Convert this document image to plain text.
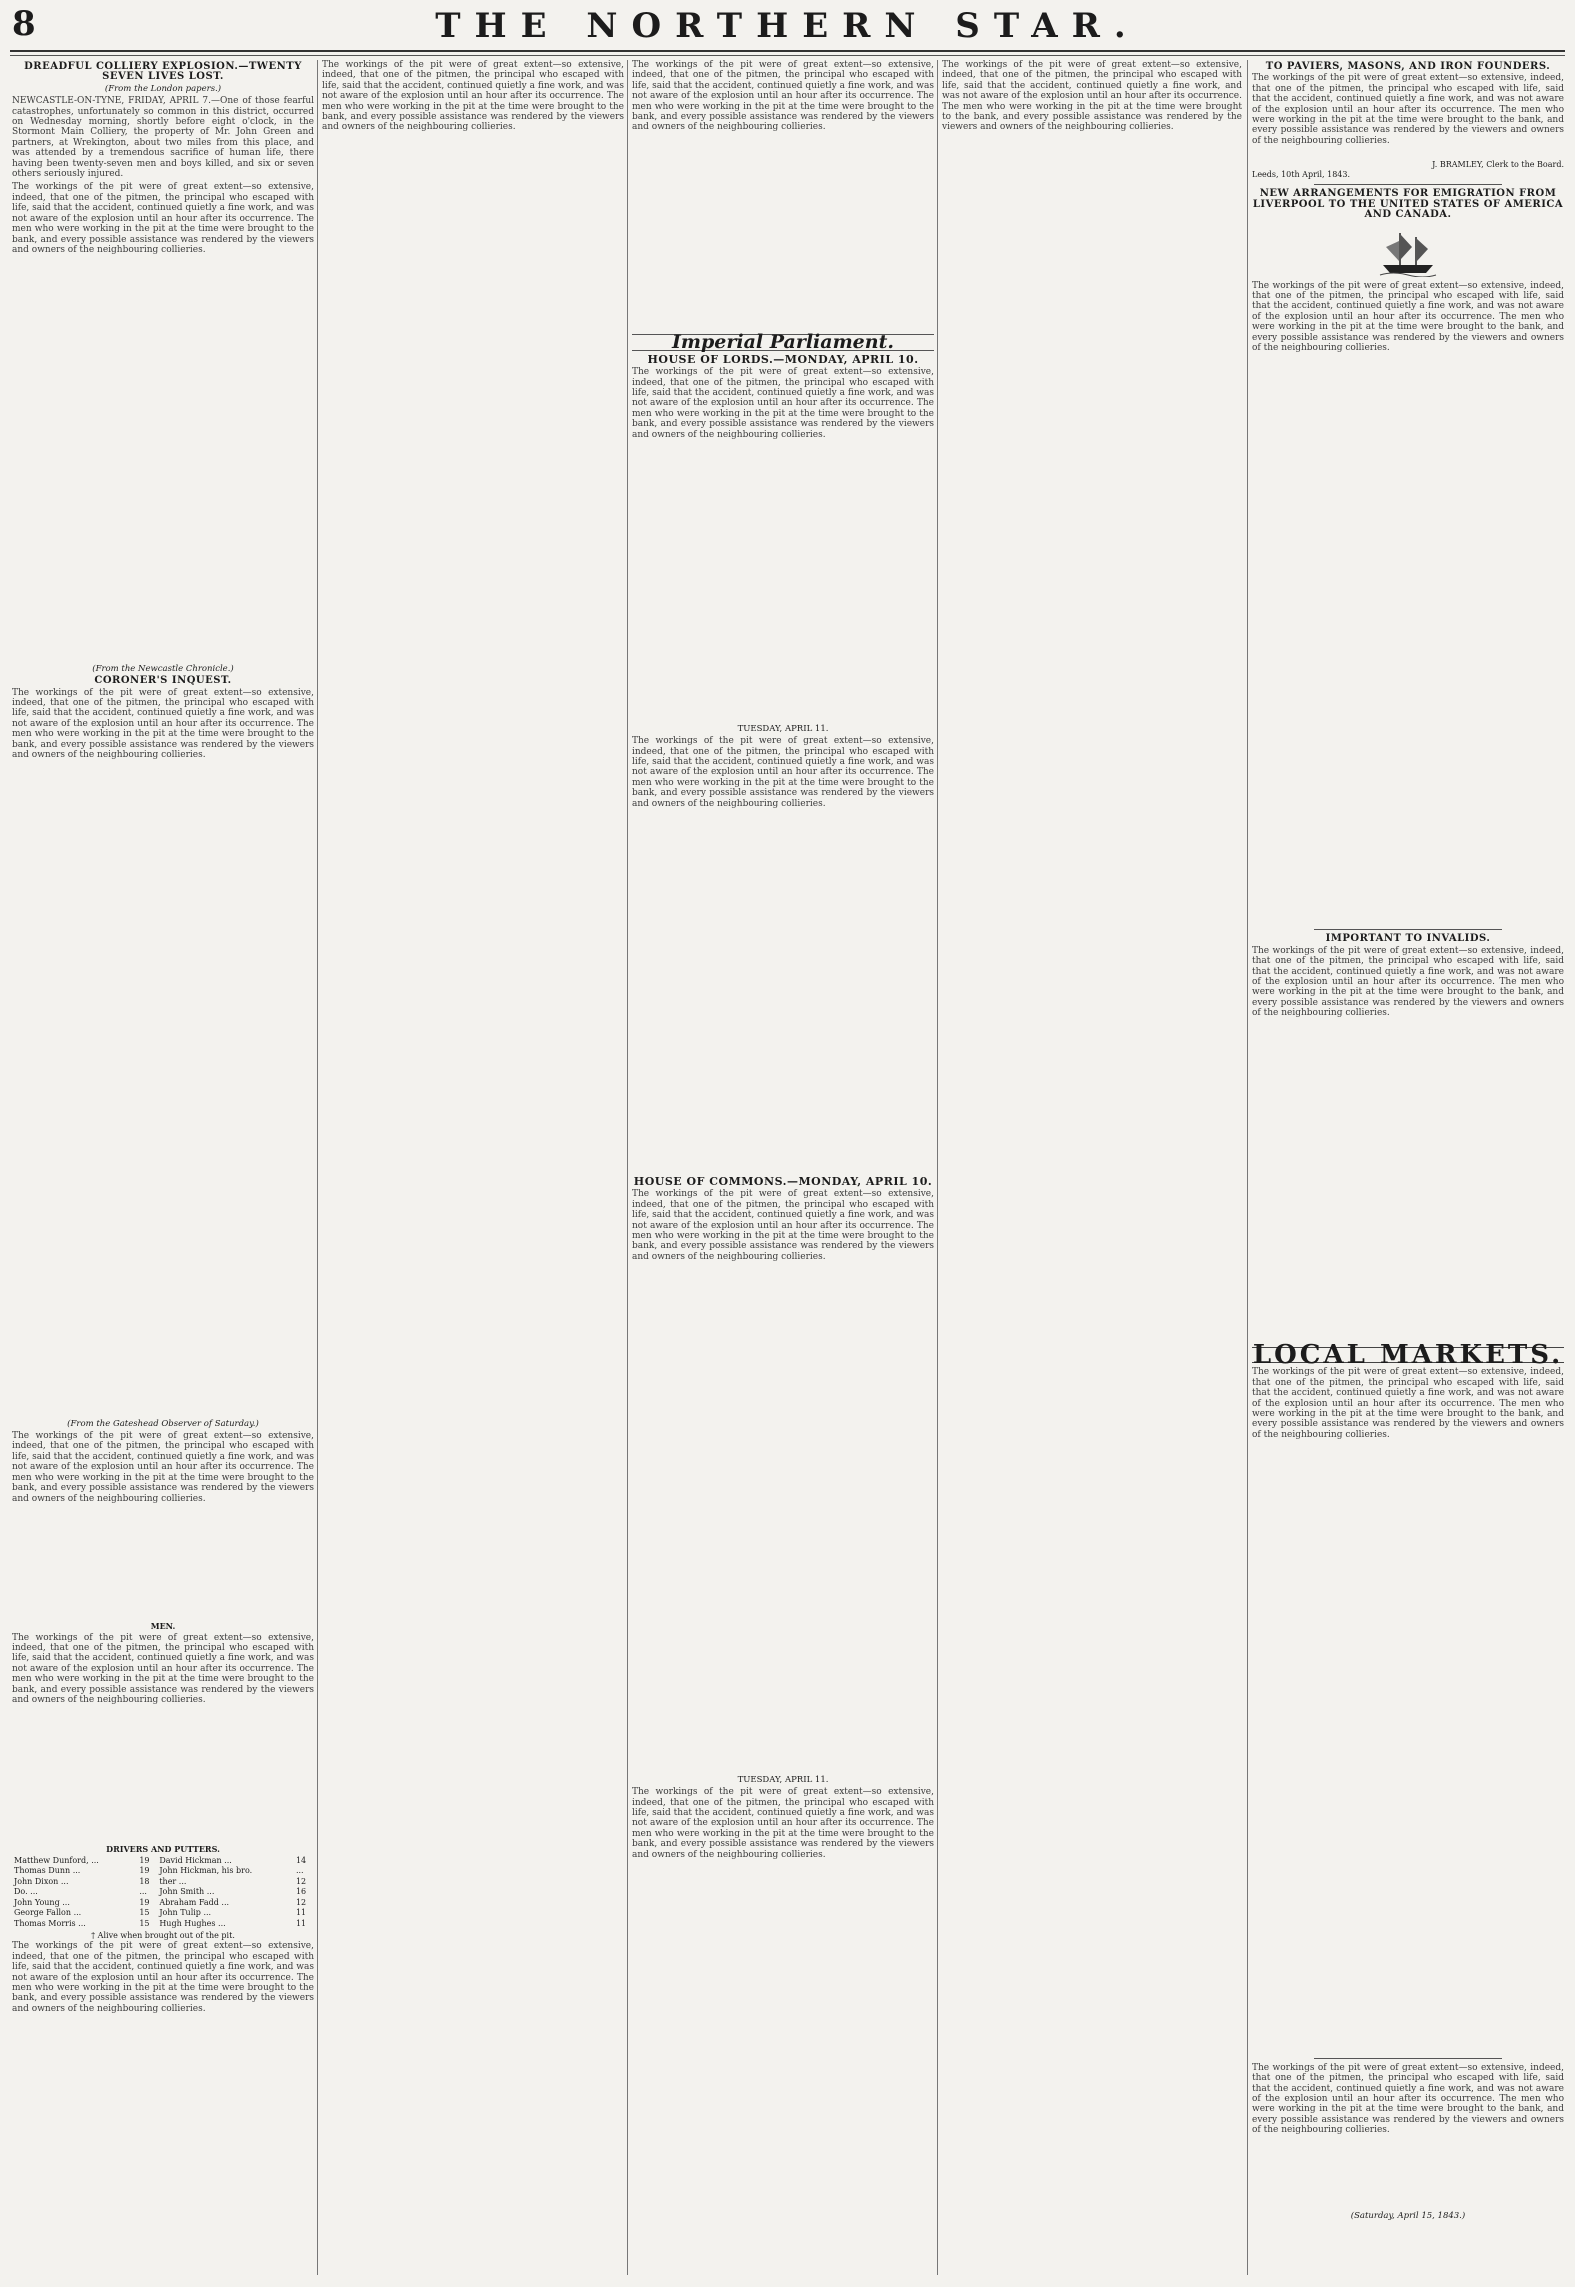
8	THE NORTHERN STAR.
DREADFUL COLLIERY EXPLOSION.—TWENTY SEVEN LIVES LOST.
(From the London papers.)

NEWCASTLE-ON-TYNE, FRIDAY, APRIL 7.—One of those fearful catastrophes, unfortunately so common in this district, occurred on Wednesday morning, shortly before eight o'clock, in the Stormont Main Colliery, the property of Mr. John Green and partners, at Wrekington, about two miles from this place, and was attended by a tremendous sacrifice of human life, there having been twenty-seven men and boys killed, and six or seven others seriously injured.

The workings of the pit were of great extent—so extensive, indeed, that one of the pitmen, the principal who escaped with life, said that the accident, continued quietly a fine work, and was not aware of the explosion until an hour after its occurrence. The men who were working in the pit at the time were brought to the bank, and every possible assistance was rendered by the viewers and owners of the neighbouring collieries.

(From the Newcastle Chronicle.)
CORONER'S INQUEST.

The workings of the pit were of great extent—so extensive, indeed, that one of the pitmen, the principal who escaped with life, said that the accident, continued quietly a fine work, and was not aware of the explosion until an hour after its occurrence. The men who were working in the pit at the time were brought to the bank, and every possible assistance was rendered by the viewers and owners of the neighbouring collieries.

(From the Gateshead Observer of Saturday.)

The workings of the pit were of great extent—so extensive, indeed, that one of the pitmen, the principal who escaped with life, said that the accident, continued quietly a fine work, and was not aware of the explosion until an hour after its occurrence. The men who were working in the pit at the time were brought to the bank, and every possible assistance was rendered by the viewers and owners of the neighbouring collieries.

MEN.

The workings of the pit were of great extent—so extensive, indeed, that one of the pitmen, the principal who escaped with life, said that the accident, continued quietly a fine work, and was not aware of the explosion until an hour after its occurrence. The men who were working in the pit at the time were brought to the bank, and every possible assistance was rendered by the viewers and owners of the neighbouring collieries.

DRIVERS AND PUTTERS.
Matthew Dunford, ...	19	David Hickman ...	14
Thomas Dunn ...	19	John Hickman, his bro.	...
John Dixon ...	18	ther ...	12
Do. ...	...	John Smith ...	16
John Young ...	19	Abraham Fadd ...	12
George Fallon ...	15	John Tulip ...	11
Thomas Morris ...	15	Hugh Hughes ...	11
† Alive when brought out of the pit.

The workings of the pit were of great extent—so extensive, indeed, that one of the pitmen, the principal who escaped with life, said that the accident, continued quietly a fine work, and was not aware of the explosion until an hour after its occurrence. The men who were working in the pit at the time were brought to the bank, and every possible assistance was rendered by the viewers and owners of the neighbouring collieries.

The workings of the pit were of great extent—so extensive, indeed, that one of the pitmen, the principal who escaped with life, said that the accident, continued quietly a fine work, and was not aware of the explosion until an hour after its occurrence. The men who were working in the pit at the time were brought to the bank, and every possible assistance was rendered by the viewers and owners of the neighbouring collieries.

The workings of the pit were of great extent—so extensive, indeed, that one of the pitmen, the principal who escaped with life, said that the accident, continued quietly a fine work, and was not aware of the explosion until an hour after its occurrence. The men who were working in the pit at the time were brought to the bank, and every possible assistance was rendered by the viewers and owners of the neighbouring collieries.

Imperial Parliament.
HOUSE OF LORDS.—MONDAY, APRIL 10.

The workings of the pit were of great extent—so extensive, indeed, that one of the pitmen, the principal who escaped with life, said that the accident, continued quietly a fine work, and was not aware of the explosion until an hour after its occurrence. The men who were working in the pit at the time were brought to the bank, and every possible assistance was rendered by the viewers and owners of the neighbouring collieries.

TUESDAY, APRIL 11.

The workings of the pit were of great extent—so extensive, indeed, that one of the pitmen, the principal who escaped with life, said that the accident, continued quietly a fine work, and was not aware of the explosion until an hour after its occurrence. The men who were working in the pit at the time were brought to the bank, and every possible assistance was rendered by the viewers and owners of the neighbouring collieries.

HOUSE OF COMMONS.—MONDAY, APRIL 10.

The workings of the pit were of great extent—so extensive, indeed, that one of the pitmen, the principal who escaped with life, said that the accident, continued quietly a fine work, and was not aware of the explosion until an hour after its occurrence. The men who were working in the pit at the time were brought to the bank, and every possible assistance was rendered by the viewers and owners of the neighbouring collieries.

TUESDAY, APRIL 11.

The workings of the pit were of great extent—so extensive, indeed, that one of the pitmen, the principal who escaped with life, said that the accident, continued quietly a fine work, and was not aware of the explosion until an hour after its occurrence. The men who were working in the pit at the time were brought to the bank, and every possible assistance was rendered by the viewers and owners of the neighbouring collieries.

The workings of the pit were of great extent—so extensive, indeed, that one of the pitmen, the principal who escaped with life, said that the accident, continued quietly a fine work, and was not aware of the explosion until an hour after its occurrence. The men who were working in the pit at the time were brought to the bank, and every possible assistance was rendered by the viewers and owners of the neighbouring collieries.

TO PAVIERS, MASONS, AND IRON FOUNDERS.

The workings of the pit were of great extent—so extensive, indeed, that one of the pitmen, the principal who escaped with life, said that the accident, continued quietly a fine work, and was not aware of the explosion until an hour after its occurrence. The men who were working in the pit at the time were brought to the bank, and every possible assistance was rendered by the viewers and owners of the neighbouring collieries.

J. BRAMLEY, Clerk to the Board.
Leeds, 10th April, 1843.
NEW ARRANGEMENTS FOR EMIGRATION FROM LIVERPOOL TO THE UNITED STATES OF AMERICA AND CANADA.

The workings of the pit were of great extent—so extensive, indeed, that one of the pitmen, the principal who escaped with life, said that the accident, continued quietly a fine work, and was not aware of the explosion until an hour after its occurrence. The men who were working in the pit at the time were brought to the bank, and every possible assistance was rendered by the viewers and owners of the neighbouring collieries.

IMPORTANT TO INVALIDS.

The workings of the pit were of great extent—so extensive, indeed, that one of the pitmen, the principal who escaped with life, said that the accident, continued quietly a fine work, and was not aware of the explosion until an hour after its occurrence. The men who were working in the pit at the time were brought to the bank, and every possible assistance was rendered by the viewers and owners of the neighbouring collieries.

LOCAL MARKETS.

The workings of the pit were of great extent—so extensive, indeed, that one of the pitmen, the principal who escaped with life, said that the accident, continued quietly a fine work, and was not aware of the explosion until an hour after its occurrence. The men who were working in the pit at the time were brought to the bank, and every possible assistance was rendered by the viewers and owners of the neighbouring collieries.

The workings of the pit were of great extent—so extensive, indeed, that one of the pitmen, the principal who escaped with life, said that the accident, continued quietly a fine work, and was not aware of the explosion until an hour after its occurrence. The men who were working in the pit at the time were brought to the bank, and every possible assistance was rendered by the viewers and owners of the neighbouring collieries.

(Saturday, April 15, 1843.)
